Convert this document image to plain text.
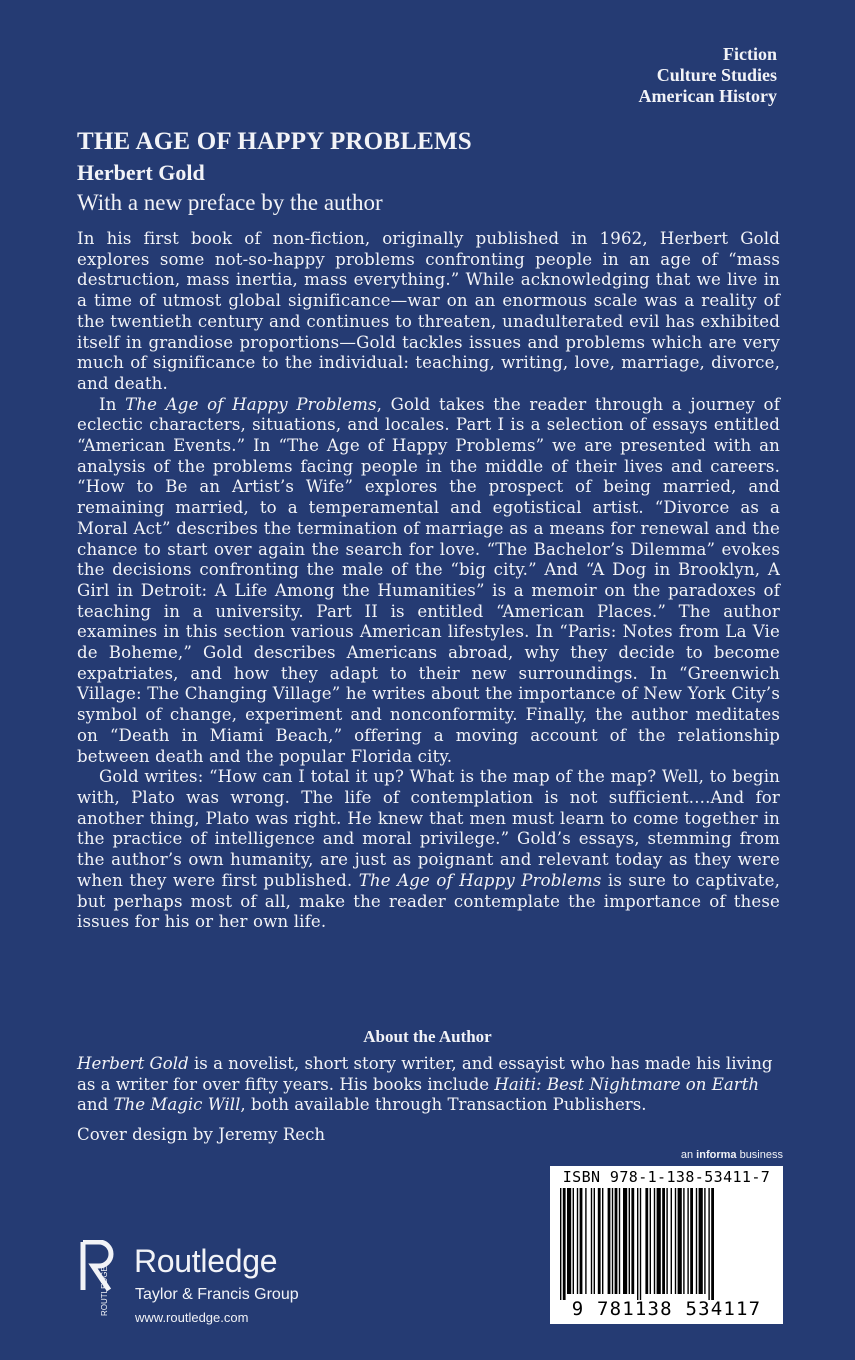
Fiction
Culture Studies
American History
THE AGE OF HAPPY PROBLEMS
Herbert Gold
With a new preface by the author

In his first book of non-fiction, originally published in 1962, Herbert Gold explores some not-so-happy problems confronting people in an age of “mass destruction, mass inertia, mass everything.” While acknowledging that we live in a time of utmost global significance—war on an enormous scale was a reality of the twentieth century and continues to threaten, unadulterated evil has exhibited itself in grandiose proportions—Gold tackles issues and problems which are very much of significance to the individual: teaching, writing, love, marriage, divorce, and death.

In The Age of Happy Problems, Gold takes the reader through a journey of eclectic characters, situations, and locales. Part I is a selection of essays entitled “American Events.” In “The Age of Happy Problems” we are presented with an analysis of the problems facing people in the middle of their lives and careers. “How to Be an Artist’s Wife” explores the prospect of being married, and remaining married, to a temperamental and egotistical artist. “Divorce as a Moral Act” describes the termination of marriage as a means for renewal and the chance to start over again the search for love. “The Bachelor’s Dilemma” evokes the decisions confronting the male of the “big city.” And “A Dog in Brooklyn, A Girl in Detroit: A Life Among the Humanities” is a memoir on the paradoxes of teaching in a university. Part II is entitled “American Places.” The author examines in this section various American lifestyles. In “Paris: Notes from La Vie de Boheme,” Gold describes Americans abroad, why they decide to become expatriates, and how they adapt to their new surroundings. In “Greenwich Village: The Changing Village” he writes about the importance of New York City’s symbol of change, experiment and nonconformity. Finally, the author meditates on “Death in Miami Beach,” offering a moving account of the relationship between death and the popular Florida city.

Gold writes: “How can I total it up? What is the map of the map? Well, to begin with, Plato was wrong. The life of contemplation is not sufficient....And for another thing, Plato was right. He knew that men must learn to come together in the practice of intelligence and moral privilege.” Gold’s essays, stemming from the author’s own humanity, are just as poignant and relevant today as they were when they were first published. The Age of Happy Problems is sure to captivate, but perhaps most of all, make the reader contemplate the importance of these issues for his or her own life.

About the Author
Herbert Gold is a novelist, short story writer, and essayist who has made his living as a writer for over fifty years. His books include Haiti: Best Nightmare on Earth and The Magic Will, both available through Transaction Publishers.
Cover design by Jeremy Rech
an informa business
ISBN 978-1-138-53411-7
9 781138 534117
ROUTLEDGE
Routledge
Taylor & Francis Group
www.routledge.com
